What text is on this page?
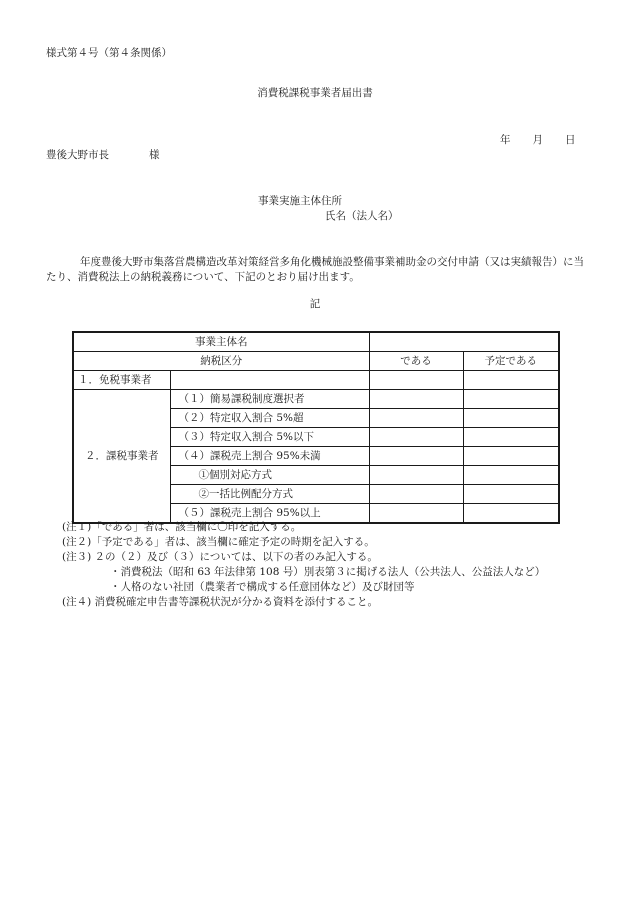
様式第４号（第４条関係）
消費税課税事業者届出書
年 月 日
豊後大野市長	様
事業実施主体住所
氏名（法人名）
年度豊後大野市集落営農構造改革対策経営多角化機械施設整備事業補助金の交付申請（又は実績報告）に当たり、消費税法上の納税義務について、下記のとおり届け出ます。
記
事業主体名			
納税区分		である	予定である
１．免税事業者			
２．課税事業者	（１）簡易課税制度選択者		
	（２）特定収入割合 5%超		
	（３）特定収入割合 5%以下		
	（４）課税売上割合 95%未満		
	①個別対応方式		
	②一括比例配分方式		
	（５）課税売上割合 95%以上		
(注１)「である」者は、該当欄に〇印を記入する。
(注２)「予定である」者は、該当欄に確定予定の時期を記入する。
(注３) ２の（２）及び（３）については、以下の者のみ記入する。
・消費税法（昭和 63 年法律第 108 号）別表第３に掲げる法人（公共法人、公益法人など）
・人格のない社団（農業者で構成する任意団体など）及び財団等
(注４) 消費税確定申告書等課税状況が分かる資料を添付すること。
